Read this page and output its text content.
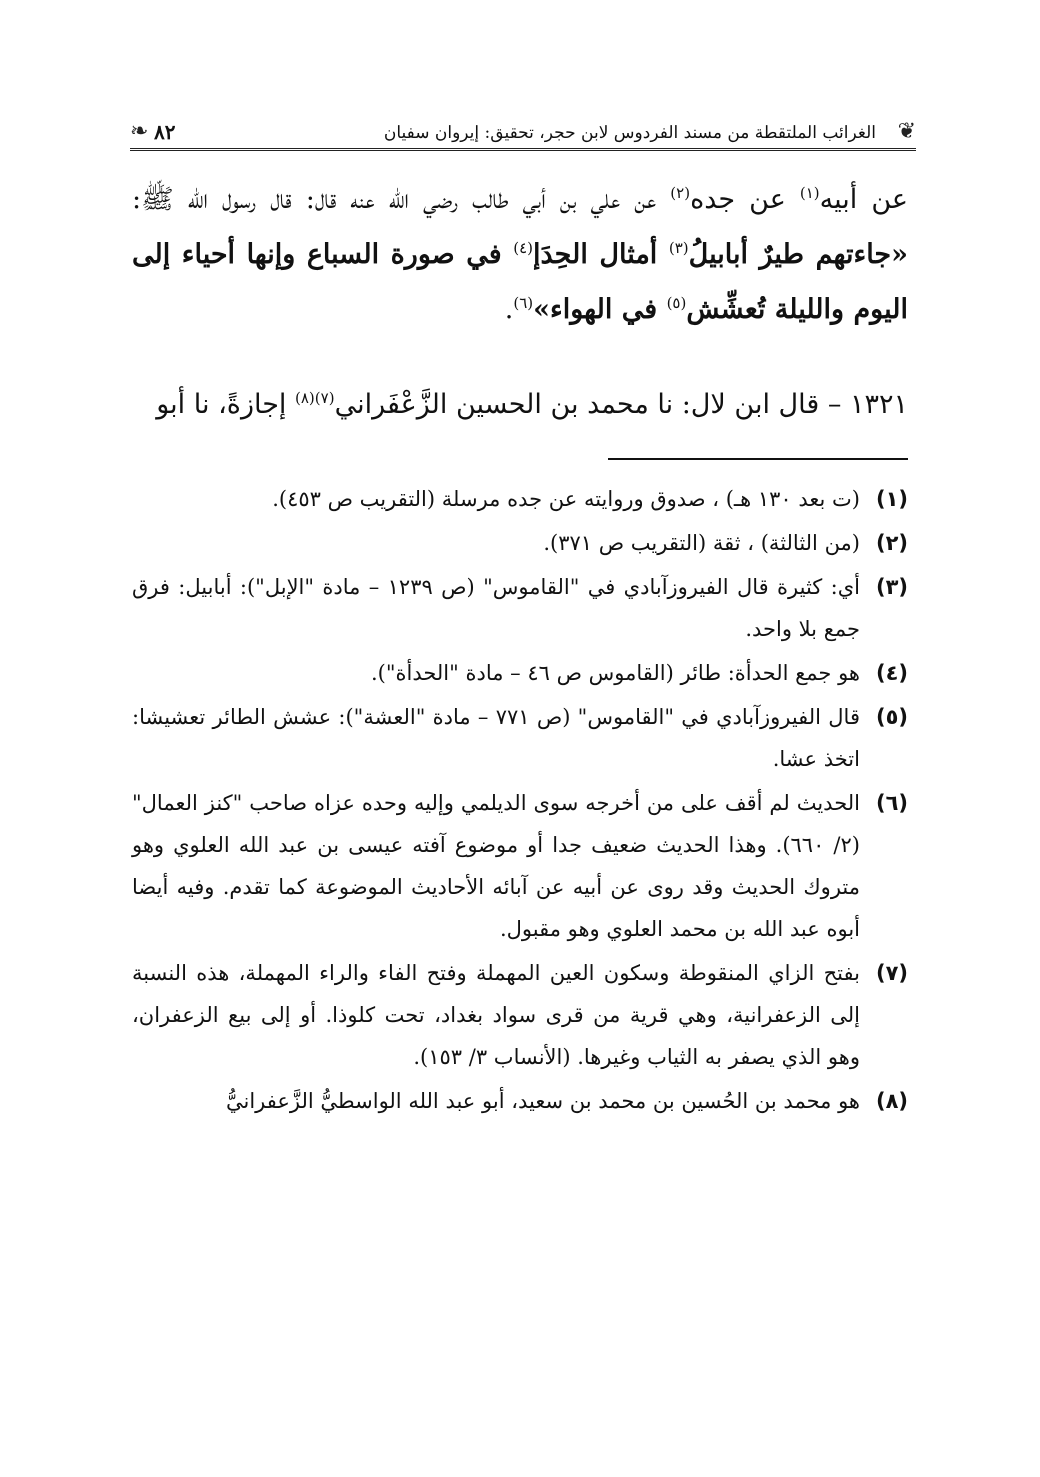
❦
الغرائب الملتقطة من مسند الفردوس لابن حجر، تحقيق: إيروان سفيان
٨٢
❧

عن أبيه$^{(١)}$ عن جده$^{(٢)}$ عن علي بن أبي طالب رضي الله عنه قال: قال رسول الله ﷺ: «جاءتهم طيرٌ أبابيلُ$^{(٣)}$ أمثال الحِدَإ$^{(٤)}$ في صورة السباع وإنها أحياء إلى اليوم والليلة تُعشِّش$^{(٥)}$ في الهواء»$^{(٦)}$.

١٣٢١ – قال ابن لال: نا محمد بن الحسين الزَّعْفَراني$^{(٧)(٨)}$ إجازةً، نا أبو
(١)
(ت بعد ١٣٠ هـ) ، صدوق وروايته عن جده مرسلة (التقريب ص ٤٥٣).
(٢)
(من الثالثة) ، ثقة (التقريب ص ٣٧١).
(٣)
أي: كثيرة قال الفيروزآبادي في "القاموس" (ص ١٢٣٩ – مادة "الإبل"): أبابيل: فرق جمع بلا واحد.
(٤)
هو جمع الحدأة: طائر (القاموس ص ٤٦ – مادة "الحدأة").
(٥)
قال الفيروزآبادي في "القاموس" (ص ٧٧١ – مادة "العشة"): عشش الطائر تعشيشا: اتخذ عشا.
(٦)
الحديث لم أقف على من أخرجه سوى الديلمي وإليه وحده عزاه صاحب "كنز العمال" (٢/ ٦٦٠). وهذا الحديث ضعيف جدا أو موضوع آفته عيسى بن عبد الله العلوي وهو متروك الحديث وقد روى عن أبيه عن آبائه الأحاديث الموضوعة كما تقدم. وفيه أيضا أبوه عبد الله بن محمد العلوي وهو مقبول.
(٧)
بفتح الزاي المنقوطة وسكون العين المهملة وفتح الفاء والراء المهملة، هذه النسبة إلى الزعفرانية، وهي قرية من قرى سواد بغداد، تحت كلوذا. أو إلى بيع الزعفران، وهو الذي يصفر به الثياب وغيرها. (الأنساب ٣/ ١٥٣).
(٨)
هو محمد بن الحُسين بن محمد بن سعيد، أبو عبد الله الواسطيُّ الزَّعفرانيُّ
